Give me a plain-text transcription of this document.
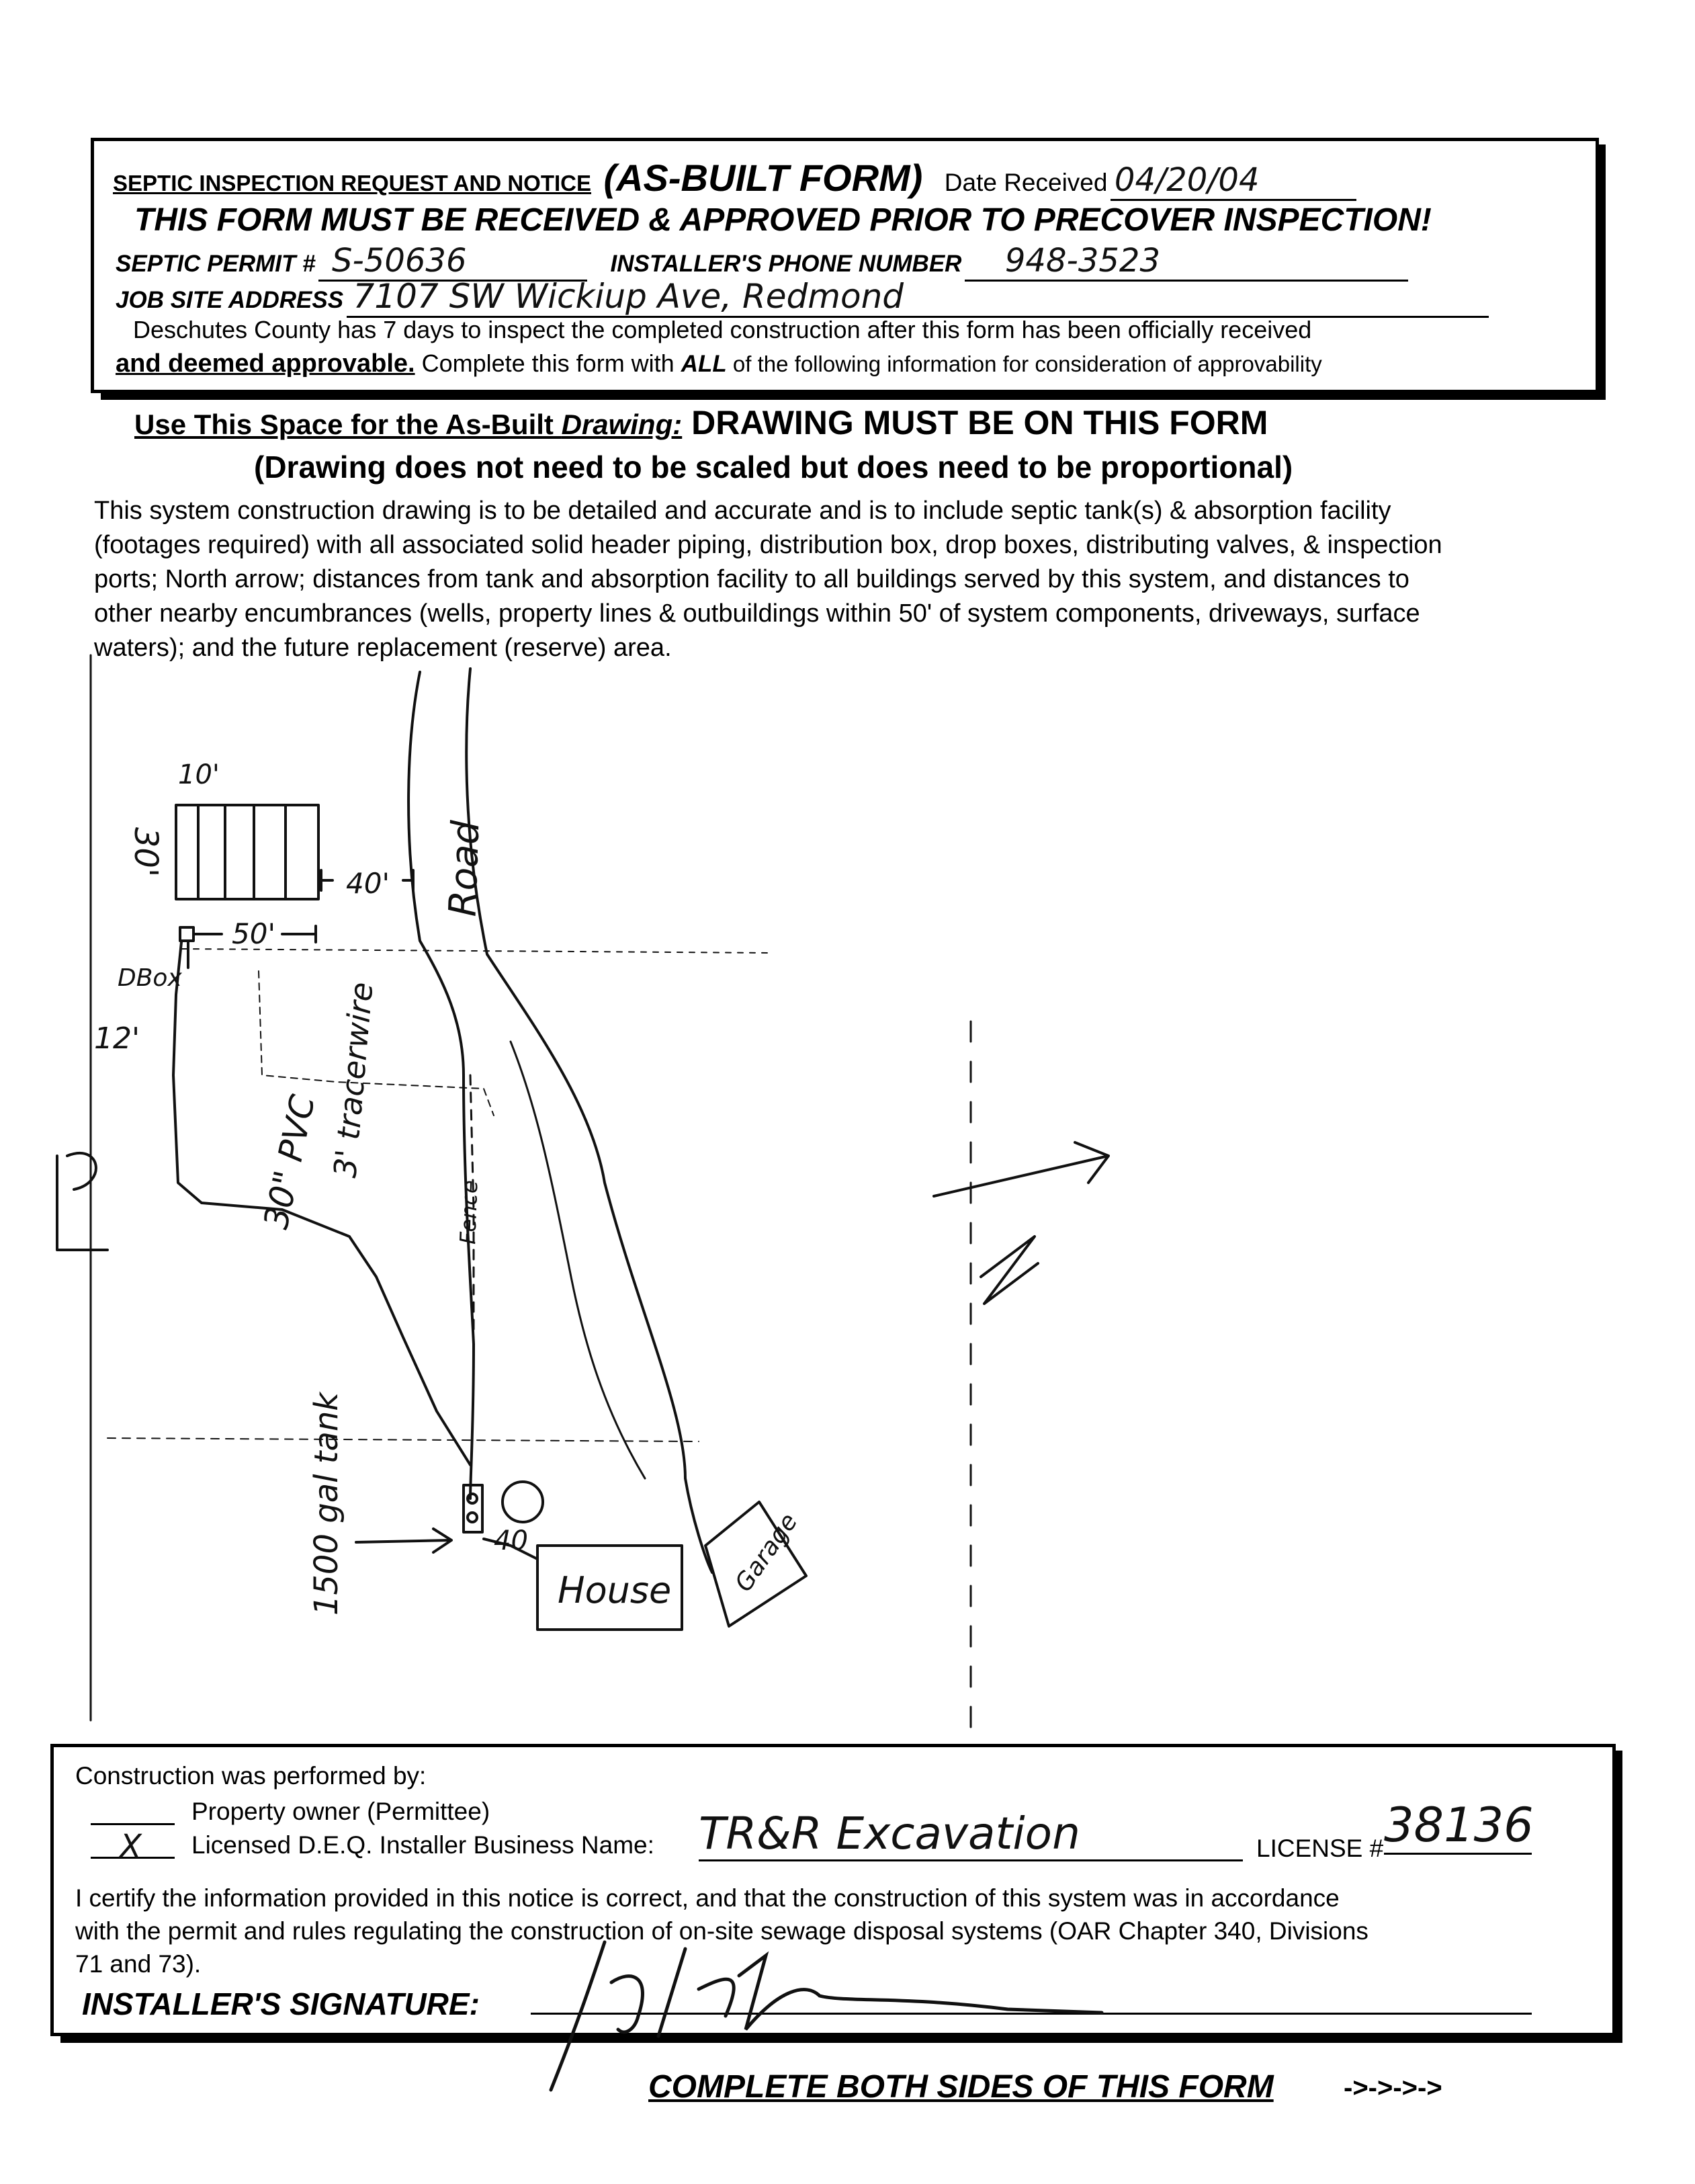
SEPTIC INSPECTION REQUEST AND NOTICE (AS-BUILT FORM) Date Received 04/20/04
THIS FORM MUST BE RECEIVED & APPROVED PRIOR TO PRECOVER INSPECTION!
SEPTIC PERMIT # S-50636	INSTALLER'S PHONE NUMBER 948-3523
JOB SITE ADDRESS 7107 SW Wickiup Ave, Redmond
Deschutes County has 7 days to inspect the completed construction after this form has been officially received
and deemed approvable. Complete this form with ALL of the following information for consideration of approvability
Use This Space for the As-Built Drawing: DRAWING MUST BE ON THIS FORM
(Drawing does not need to be scaled but does need to be proportional)

This system construction drawing is to be detailed and accurate and is to include septic tank(s) & absorption facility

(footages required) with all associated solid header piping, distribution box, drop boxes, distributing valves, & inspection

ports; North arrow; distances from tank and absorption facility to all buildings served by this system, and distances to

other nearby encumbrances (wells, property lines & outbuildings within 50' of system components, driveways, surface

waters); and the future replacement (reserve) area.

10'
30'
40'
50'
DBox
12'
30" PVC 3' tracerwire
Road
Fence
1500 gal tank	40
House Garage
Construction was performed by:
Property owner (Permittee)
X Licensed D.E.Q. Installer Business Name: TR&R Excavation	LICENSE # 38136

I certify the information provided in this notice is correct, and that the construction of this system was in accordance

with the permit and rules regulating the construction of on-site sewage disposal systems (OAR Chapter 340, Divisions

71 and 73).

INSTALLER'S SIGNATURE:
COMPLETE BOTH SIDES OF THIS FORM	->->->->
